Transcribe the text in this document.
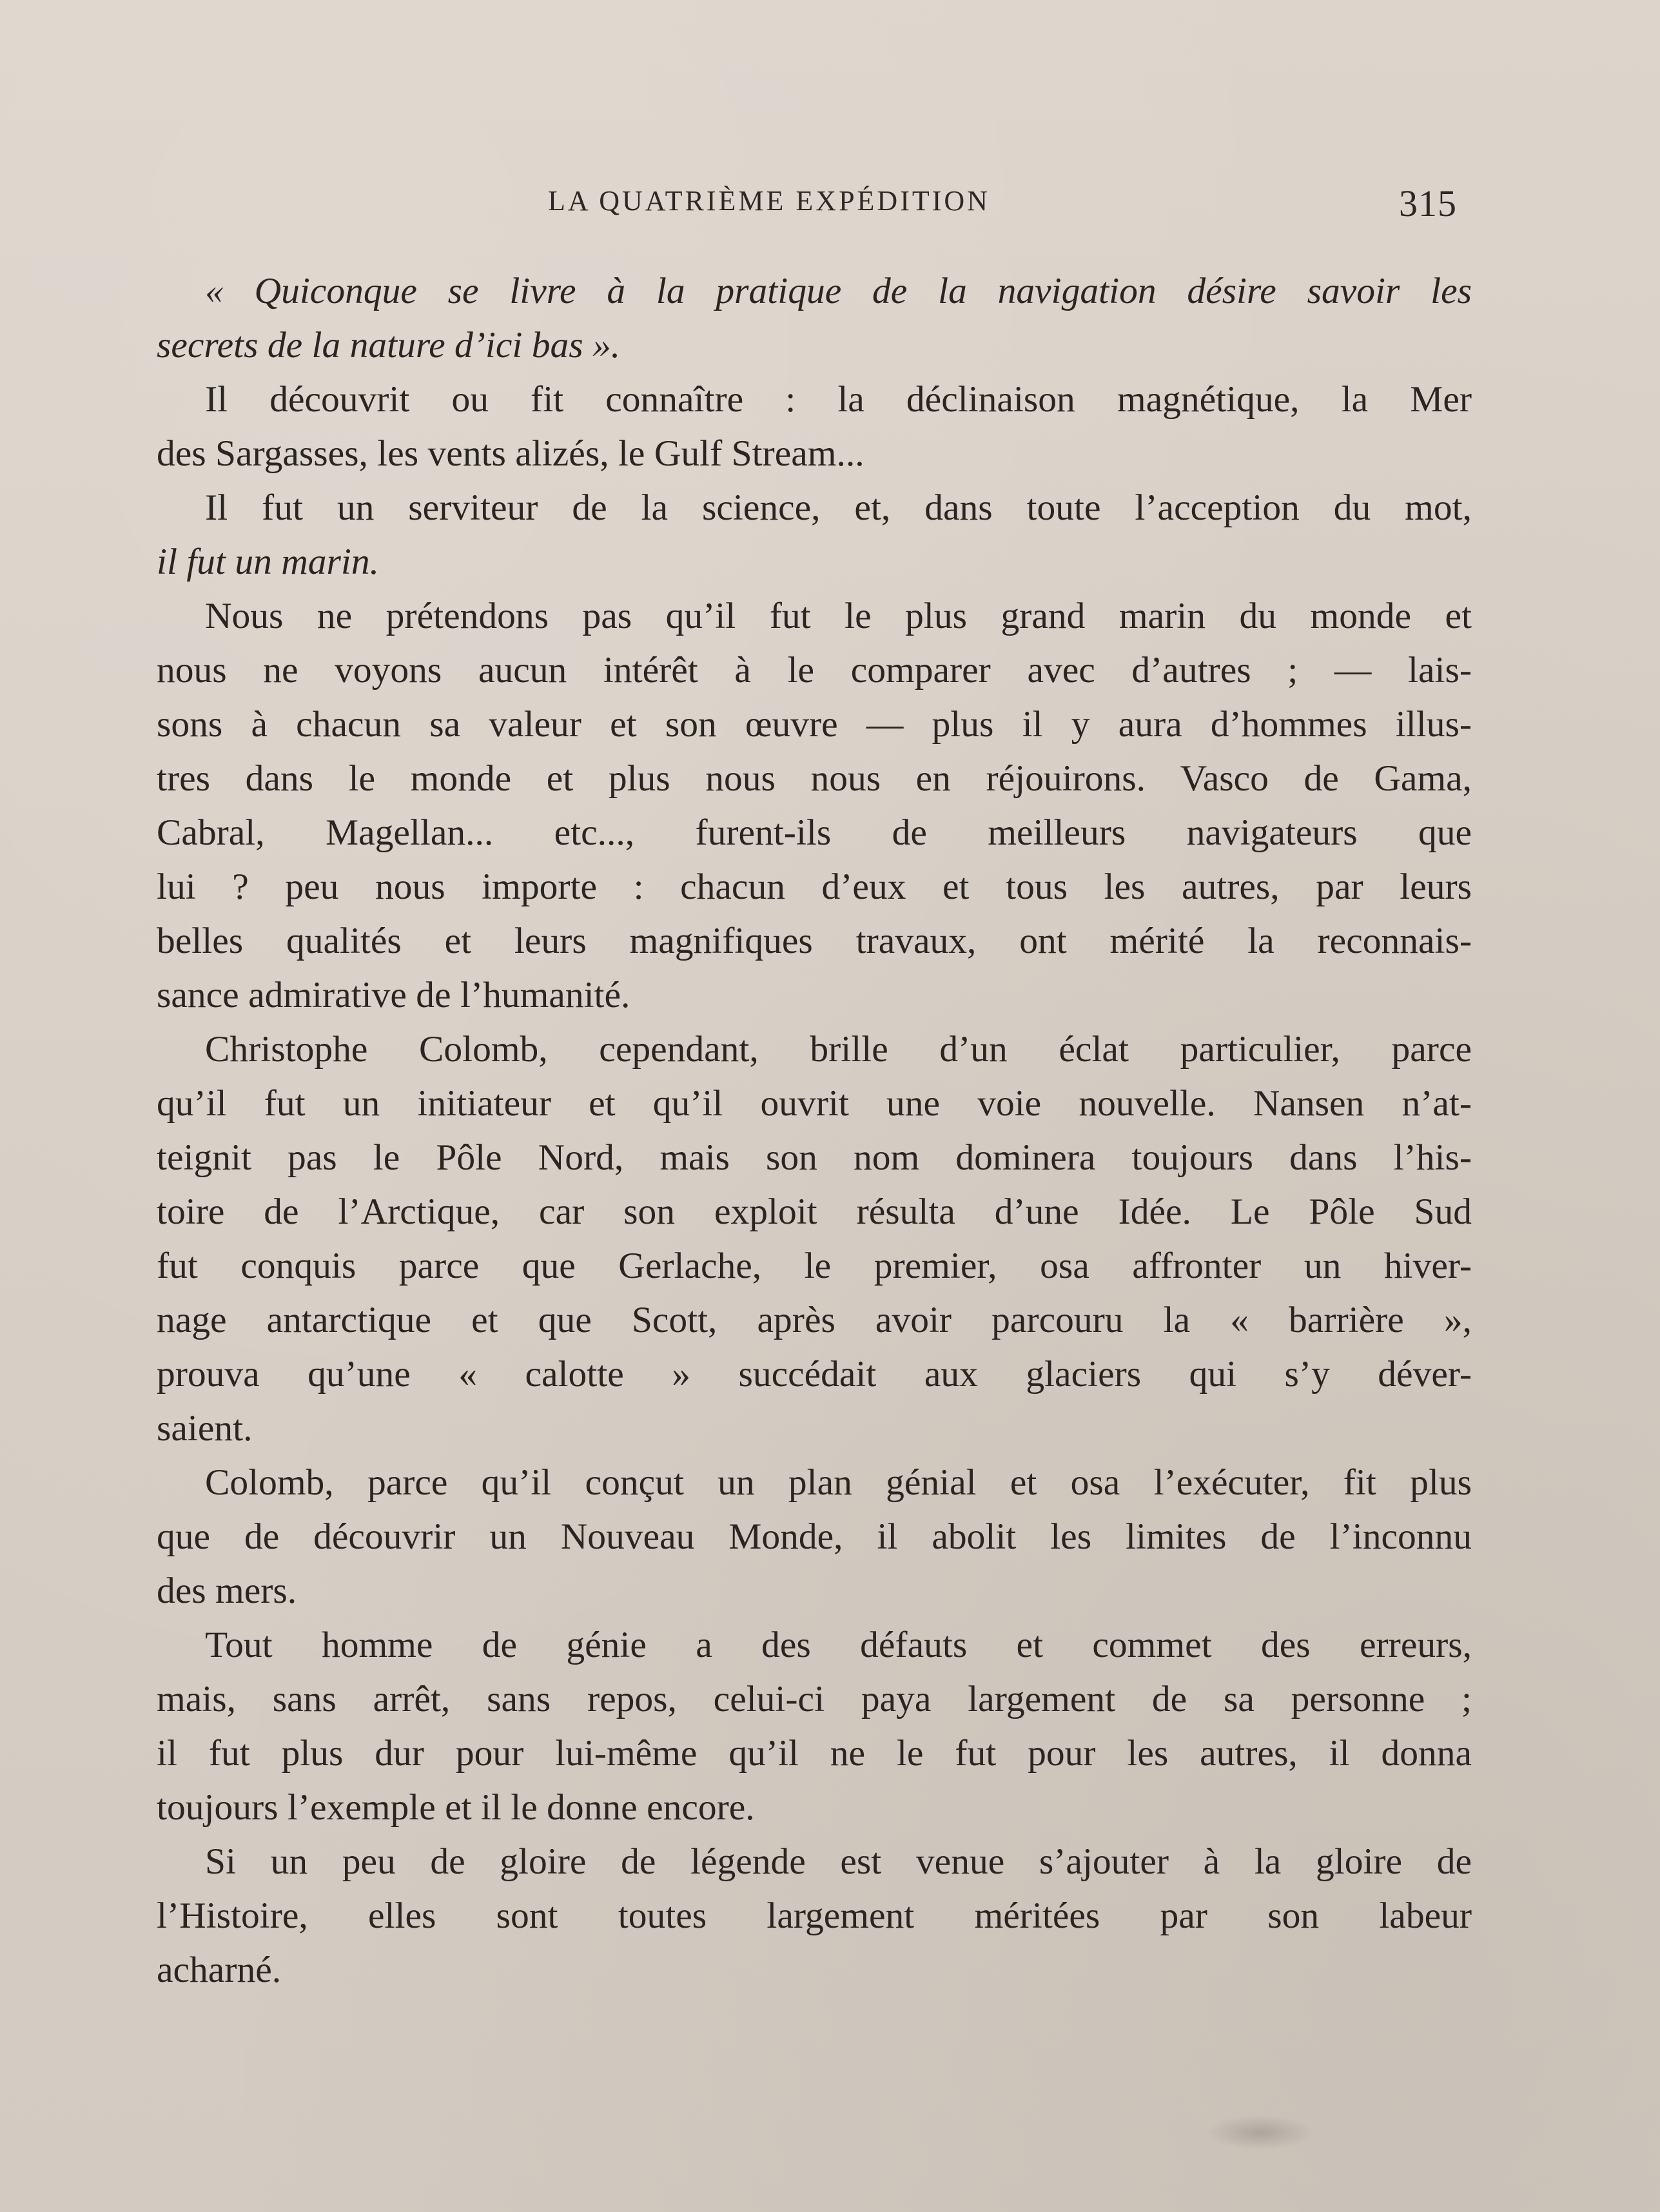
LA QUATRIÈME EXPÉDITION	315
« Quiconque se livre à la pratique de la navigation désire savoir les
secrets de la nature d’ici bas ».
Il découvrit ou fit connaître : la déclinaison magnétique, la Mer
des Sargasses, les vents alizés, le Gulf Stream...
Il fut un serviteur de la science, et, dans toute l’acception du mot,
il fut un marin.
Nous ne prétendons pas qu’il fut le plus grand marin du monde et
nous ne voyons aucun intérêt à le comparer avec d’autres ; — lais-
sons à chacun sa valeur et son œuvre — plus il y aura d’hommes illus-
tres dans le monde et plus nous nous en réjouirons. Vasco de Gama,
Cabral, Magellan... etc..., furent-ils de meilleurs navigateurs que
lui ? peu nous importe : chacun d’eux et tous les autres, par leurs
belles qualités et leurs magnifiques travaux, ont mérité la reconnais-
sance admirative de l’humanité.
Christophe Colomb, cependant, brille d’un éclat particulier, parce
qu’il fut un initiateur et qu’il ouvrit une voie nouvelle. Nansen n’at-
teignit pas le Pôle Nord, mais son nom dominera toujours dans l’his-
toire de l’Arctique, car son exploit résulta d’une Idée. Le Pôle Sud
fut conquis parce que Gerlache, le premier, osa affronter un hiver-
nage antarctique et que Scott, après avoir parcouru la « barrière »,
prouva qu’une « calotte » succédait aux glaciers qui s’y déver-
saient.
Colomb, parce qu’il conçut un plan génial et osa l’exécuter, fit plus
que de découvrir un Nouveau Monde, il abolit les limites de l’inconnu
des mers.
Tout homme de génie a des défauts et commet des erreurs,
mais, sans arrêt, sans repos, celui-ci paya largement de sa personne ;
il fut plus dur pour lui-même qu’il ne le fut pour les autres, il donna
toujours l’exemple et il le donne encore.
Si un peu de gloire de légende est venue s’ajouter à la gloire de
l’Histoire, elles sont toutes largement méritées par son labeur
acharné.
